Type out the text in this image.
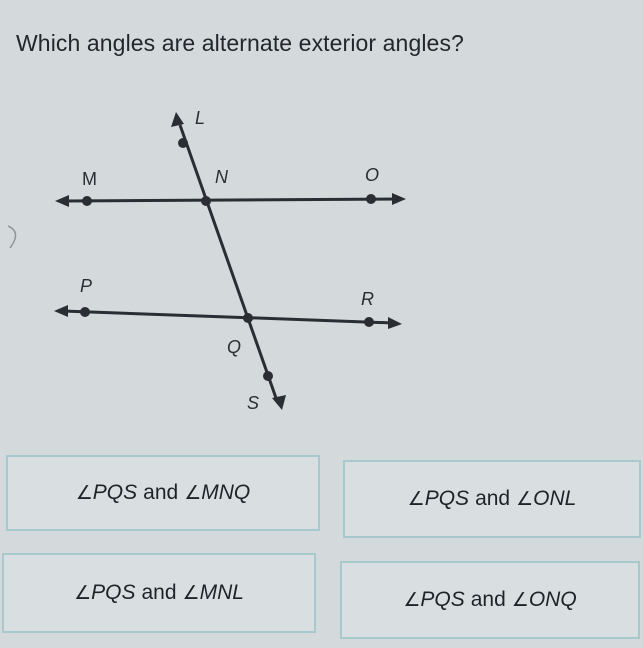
Which angles are alternate exterior angles?
L
M	N	O
P
Q
R
S
∠PQS and ∠MNQ	∠PQS and ∠ONL
∠PQS and ∠MNL	∠PQS and ∠ONQ
